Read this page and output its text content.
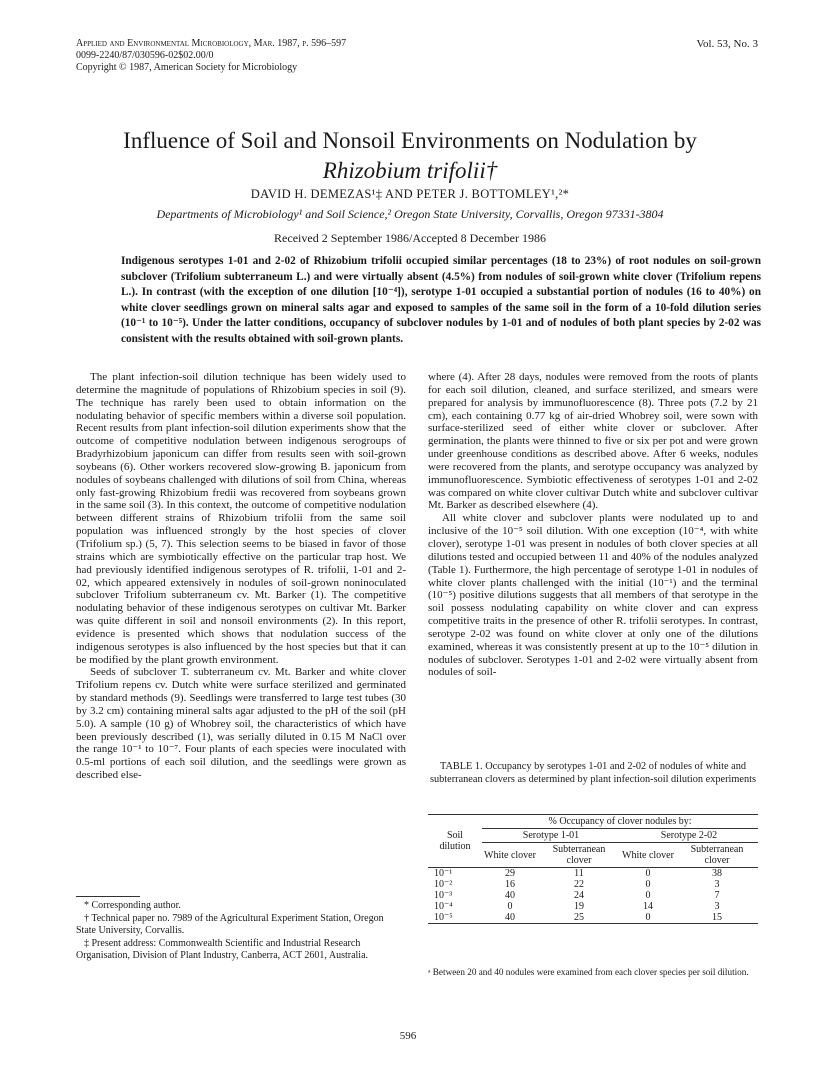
Applied and Environmental Microbiology, Mar. 1987, p. 596–597
0099-2240/87/030596-02$02.00/0
Copyright © 1987, American Society for Microbiology
Vol. 53, No. 3
Influence of Soil and Nonsoil Environments on Nodulation by
Rhizobium trifolii†
DAVID H. DEMEZAS¹‡ AND PETER J. BOTTOMLEY¹,²*
Departments of Microbiology¹ and Soil Science,² Oregon State University, Corvallis, Oregon 97331-3804
Received 2 September 1986/Accepted 8 December 1986
Indigenous serotypes 1-01 and 2-02 of Rhizobium trifolii occupied similar percentages (18 to 23%) of root nodules on soil-grown subclover (Trifolium subterraneum L.) and were virtually absent (4.5%) from nodules of soil-grown white clover (Trifolium repens L.). In contrast (with the exception of one dilution [10⁻⁴]), serotype 1-01 occupied a substantial portion of nodules (16 to 40%) on white clover seedlings grown on mineral salts agar and exposed to samples of the same soil in the form of a 10-fold dilution series (10⁻¹ to 10⁻⁵). Under the latter conditions, occupancy of subclover nodules by 1-01 and of nodules of both plant species by 2-02 was consistent with the results obtained with soil-grown plants.

The plant infection-soil dilution technique has been widely used to determine the magnitude of populations of Rhizobium species in soil (9). The technique has rarely been used to obtain information on the nodulating behavior of specific members within a diverse soil population. Recent results from plant infection-soil dilution experiments show that the outcome of competitive nodulation between indigenous serogroups of Bradyrhizobium japonicum can differ from results seen with soil-grown soybeans (6). Other workers recovered slow-growing B. japonicum from nodules of soybeans challenged with dilutions of soil from China, whereas only fast-growing Rhizobium fredii was recovered from soybeans grown in the same soil (3). In this context, the outcome of competitive nodulation between different strains of Rhizobium trifolii from the same soil population was influenced strongly by the host species of clover (Trifolium sp.) (5, 7). This selection seems to be biased in favor of those strains which are symbiotically effective on the particular trap host. We had previously identified indigenous serotypes of R. trifolii, 1-01 and 2-02, which appeared extensively in nodules of soil-grown noninoculated subclover Trifolium subterraneum cv. Mt. Barker (1). The competitive nodulating behavior of these indigenous serotypes on cultivar Mt. Barker was quite different in soil and nonsoil environments (2). In this report, evidence is presented which shows that nodulation success of the indigenous serotypes is also influenced by the host species but that it can be modified by the plant growth environment.

Seeds of subclover T. subterraneum cv. Mt. Barker and white clover Trifolium repens cv. Dutch white were surface sterilized and germinated by standard methods (9). Seedlings were transferred to large test tubes (30 by 3.2 cm) containing mineral salts agar adjusted to the pH of the soil (pH 5.0). A sample (10 g) of Whobrey soil, the characteristics of which have been previously described (1), was serially diluted in 0.15 M NaCl over the range 10⁻¹ to 10⁻⁷. Four plants of each species were inoculated with 0.5-ml portions of each soil dilution, and the seedlings were grown as described else-

* Corresponding author.

† Technical paper no. 7989 of the Agricultural Experiment Station, Oregon State University, Corvallis.

‡ Present address: Commonwealth Scientific and Industrial Research Organisation, Division of Plant Industry, Canberra, ACT 2601, Australia.

where (4). After 28 days, nodules were removed from the roots of plants for each soil dilution, cleaned, and surface sterilized, and smears were prepared for analysis by immunofluorescence (8). Three pots (7.2 by 21 cm), each containing 0.77 kg of air-dried Whobrey soil, were sown with surface-sterilized seed of either white clover or subclover. After germination, the plants were thinned to five or six per pot and were grown under greenhouse conditions as described above. After 6 weeks, nodules were recovered from the plants, and serotype occupancy was analyzed by immunofluorescence. Symbiotic effectiveness of serotypes 1-01 and 2-02 was compared on white clover cultivar Dutch white and subclover cultivar Mt. Barker as described elsewhere (4).

All white clover and subclover plants were nodulated up to and inclusive of the 10⁻⁵ soil dilution. With one exception (10⁻⁴, with white clover), serotype 1-01 was present in nodules of both clover species at all dilutions tested and occupied between 11 and 40% of the nodules analyzed (Table 1). Furthermore, the high percentage of serotype 1-01 in nodules of white clover plants challenged with the initial (10⁻¹) and the terminal (10⁻⁵) positive dilutions suggests that all members of that serotype in the soil possess nodulating capability on white clover and can express competitive traits in the presence of other R. trifolii serotypes. In contrast, serotype 2-02 was found on white clover at only one of the dilutions examined, whereas it was consistently present at up to the 10⁻⁵ dilution in nodules of subclover. Serotypes 1-01 and 2-02 were virtually absent from nodules of soil-

TABLE 1. Occupancy by serotypes 1-01 and 2-02 of nodules of white and subterranean clovers as determined by plant infection-soil dilution experiments
Soil dilution	% Occupancy of clover nodules by:			
	Serotype 1-01		Serotype 2-02	
	White clover	Subterranean clover	White clover	Subterranean clover
10⁻¹	29	11	0	38
10⁻²	16	22	0	3
10⁻³	40	24	0	7
10⁻⁴	0	19	14	3
10⁻⁵	40	25	0	15
ᵃ Between 20 and 40 nodules were examined from each clover species per soil dilution.
596
